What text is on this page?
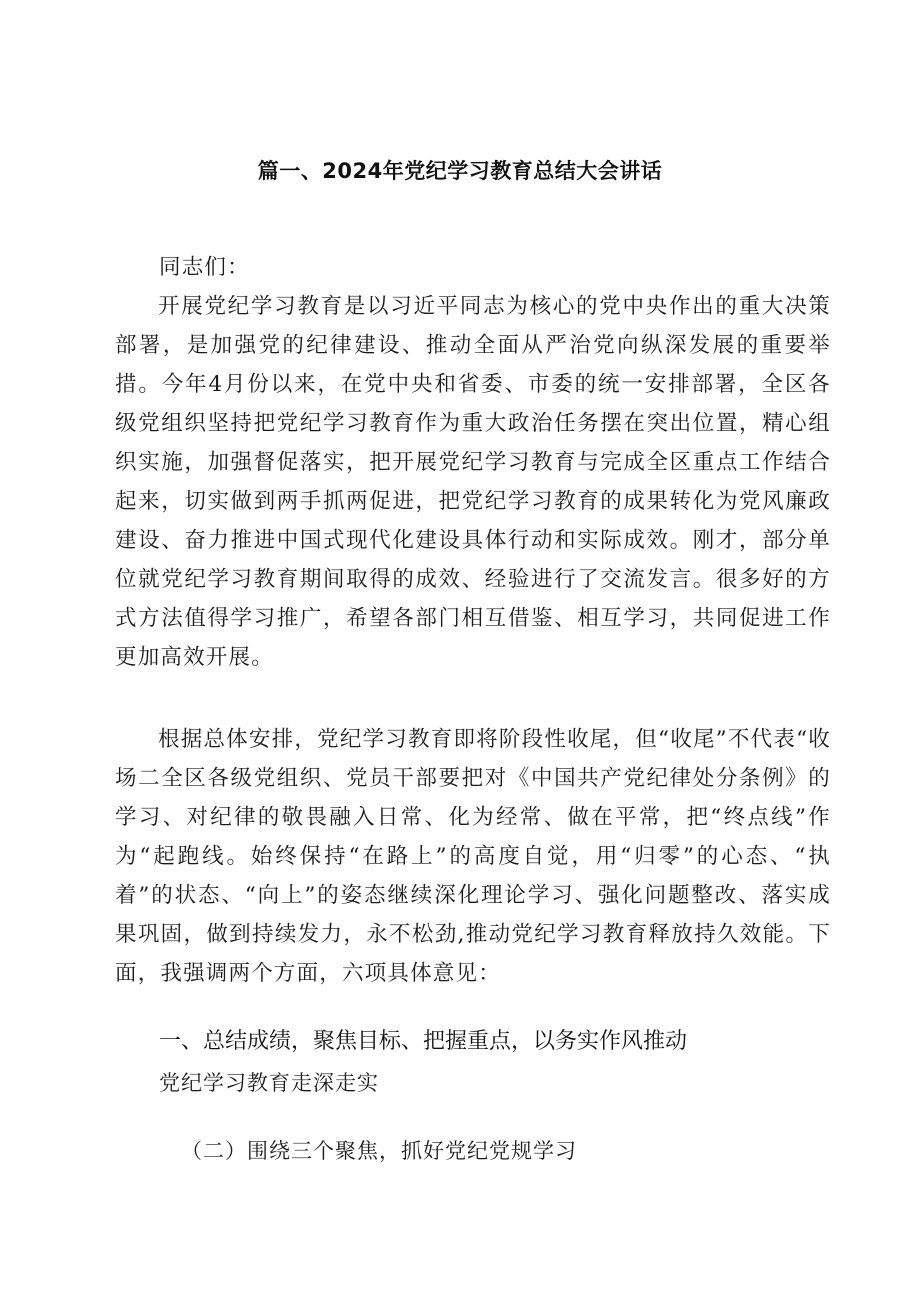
篇一、2024年党纪学习教育总结大会讲话
同志们：

开展党纪学习教育是以习近平同志为核心的党中央作出的重大决策部署，是加强党的纪律建设、推动全面从严治党向纵深发展的重要举措。今年4月份以来，在党中央和省委、市委的统一安排部署，全区各级党组织坚持把党纪学习教育作为重大政治任务摆在突出位置，精心组织实施，加强督促落实，把开展党纪学习教育与完成全区重点工作结合起来，切实做到两手抓两促进，把党纪学习教育的成果转化为党风廉政建设、奋力推进中国式现代化建设具体行动和实际成效。刚才，部分单位就党纪学习教育期间取得的成效、经验进行了交流发言。很多好的方式方法值得学习推广，希望各部门相互借鉴、相互学习，共同促进工作更加高效开展。

根据总体安排，党纪学习教育即将阶段性收尾，但“收尾”不代表“收场二全区各级党组织、党员干部要把对《中国共产党纪律处分条例》的学习、对纪律的敬畏融入日常、化为经常、做在平常，把“终点线”作为“起跑线。始终保持“在路上”的高度自觉，用“归零”的心态、“执着”的状态、“向上”的姿态继续深化理论学习、强化问题整改、落实成果巩固，做到持续发力，永不松劲,推动党纪学习教育释放持久效能。下面，我强调两个方面，六项具体意见：

一、总结成绩，聚焦目标、把握重点，以务实作风推动
党纪学习教育走深走实
（二）围绕三个聚焦，抓好党纪党规学习
